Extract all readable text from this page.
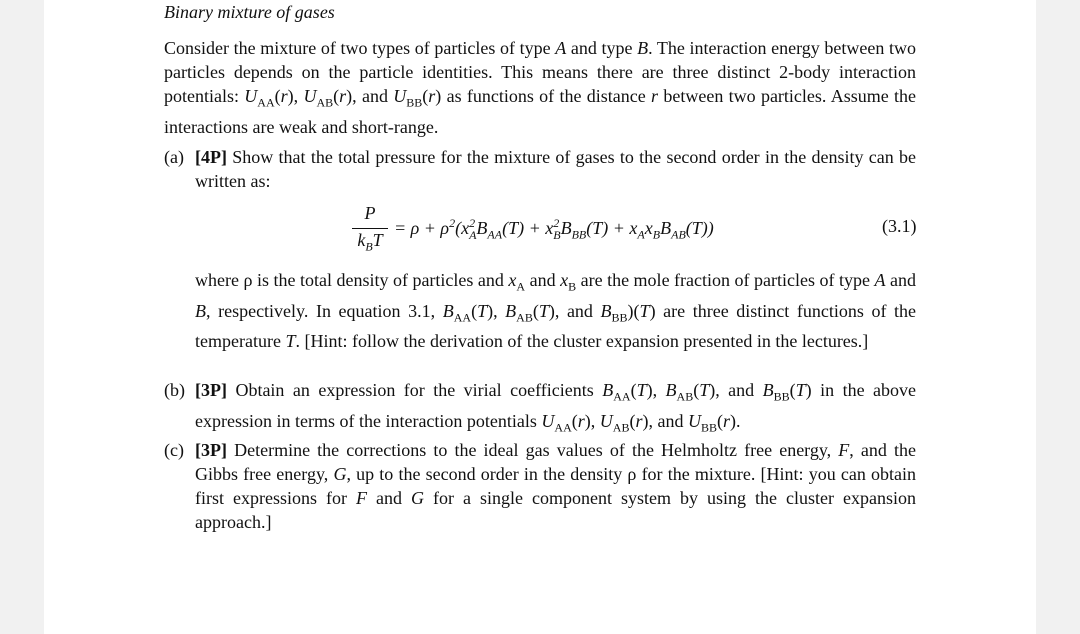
Binary mixture of gases
Consider the mixture of two types of particles of type A and type B. The interaction energy between two particles depends on the particle identities. This means there are three distinct 2-body interaction potentials: $U_{AA}(r)$, $U_{AB}(r)$, and $U_{BB}(r)$ as functions of the distance r between two particles. Assume the interactions are weak and short-range.
(a) [4P] Show that the total pressure for the mixture of gases to the second order in the density can be written as:
P
$k_BT$
= $\rho + \rho^2(x^2_AB_{AA}(T) + x^2_BB_{BB}(T) + x_Ax_BB_{AB}(T))$	(3.1)
where ρ is the total density of particles and $x_A$ and $x_B$ are the mole fraction of particles of type A and B, respectively. In equation 3.1, $B_{AA}(T)$, $B_{AB}(T)$, and $B_{BB})(T)$ are three distinct functions of the temperature T. [Hint: follow the derivation of the cluster expansion presented in the lectures.]
(b) [3P] Obtain an expression for the virial coefficients $B_{AA}(T)$, $B_{AB}(T)$, and $B_{BB}(T)$ in the above expression in terms of the interaction potentials $U_{AA}(r)$, $U_{AB}(r)$, and $U_{BB}(r)$.
(c) [3P] Determine the corrections to the ideal gas values of the Helmholtz free energy, F, and the Gibbs free energy, G, up to the second order in the density ρ for the mixture. [Hint: you can obtain first expressions for F and G for a single component system by using the cluster expansion approach.]
